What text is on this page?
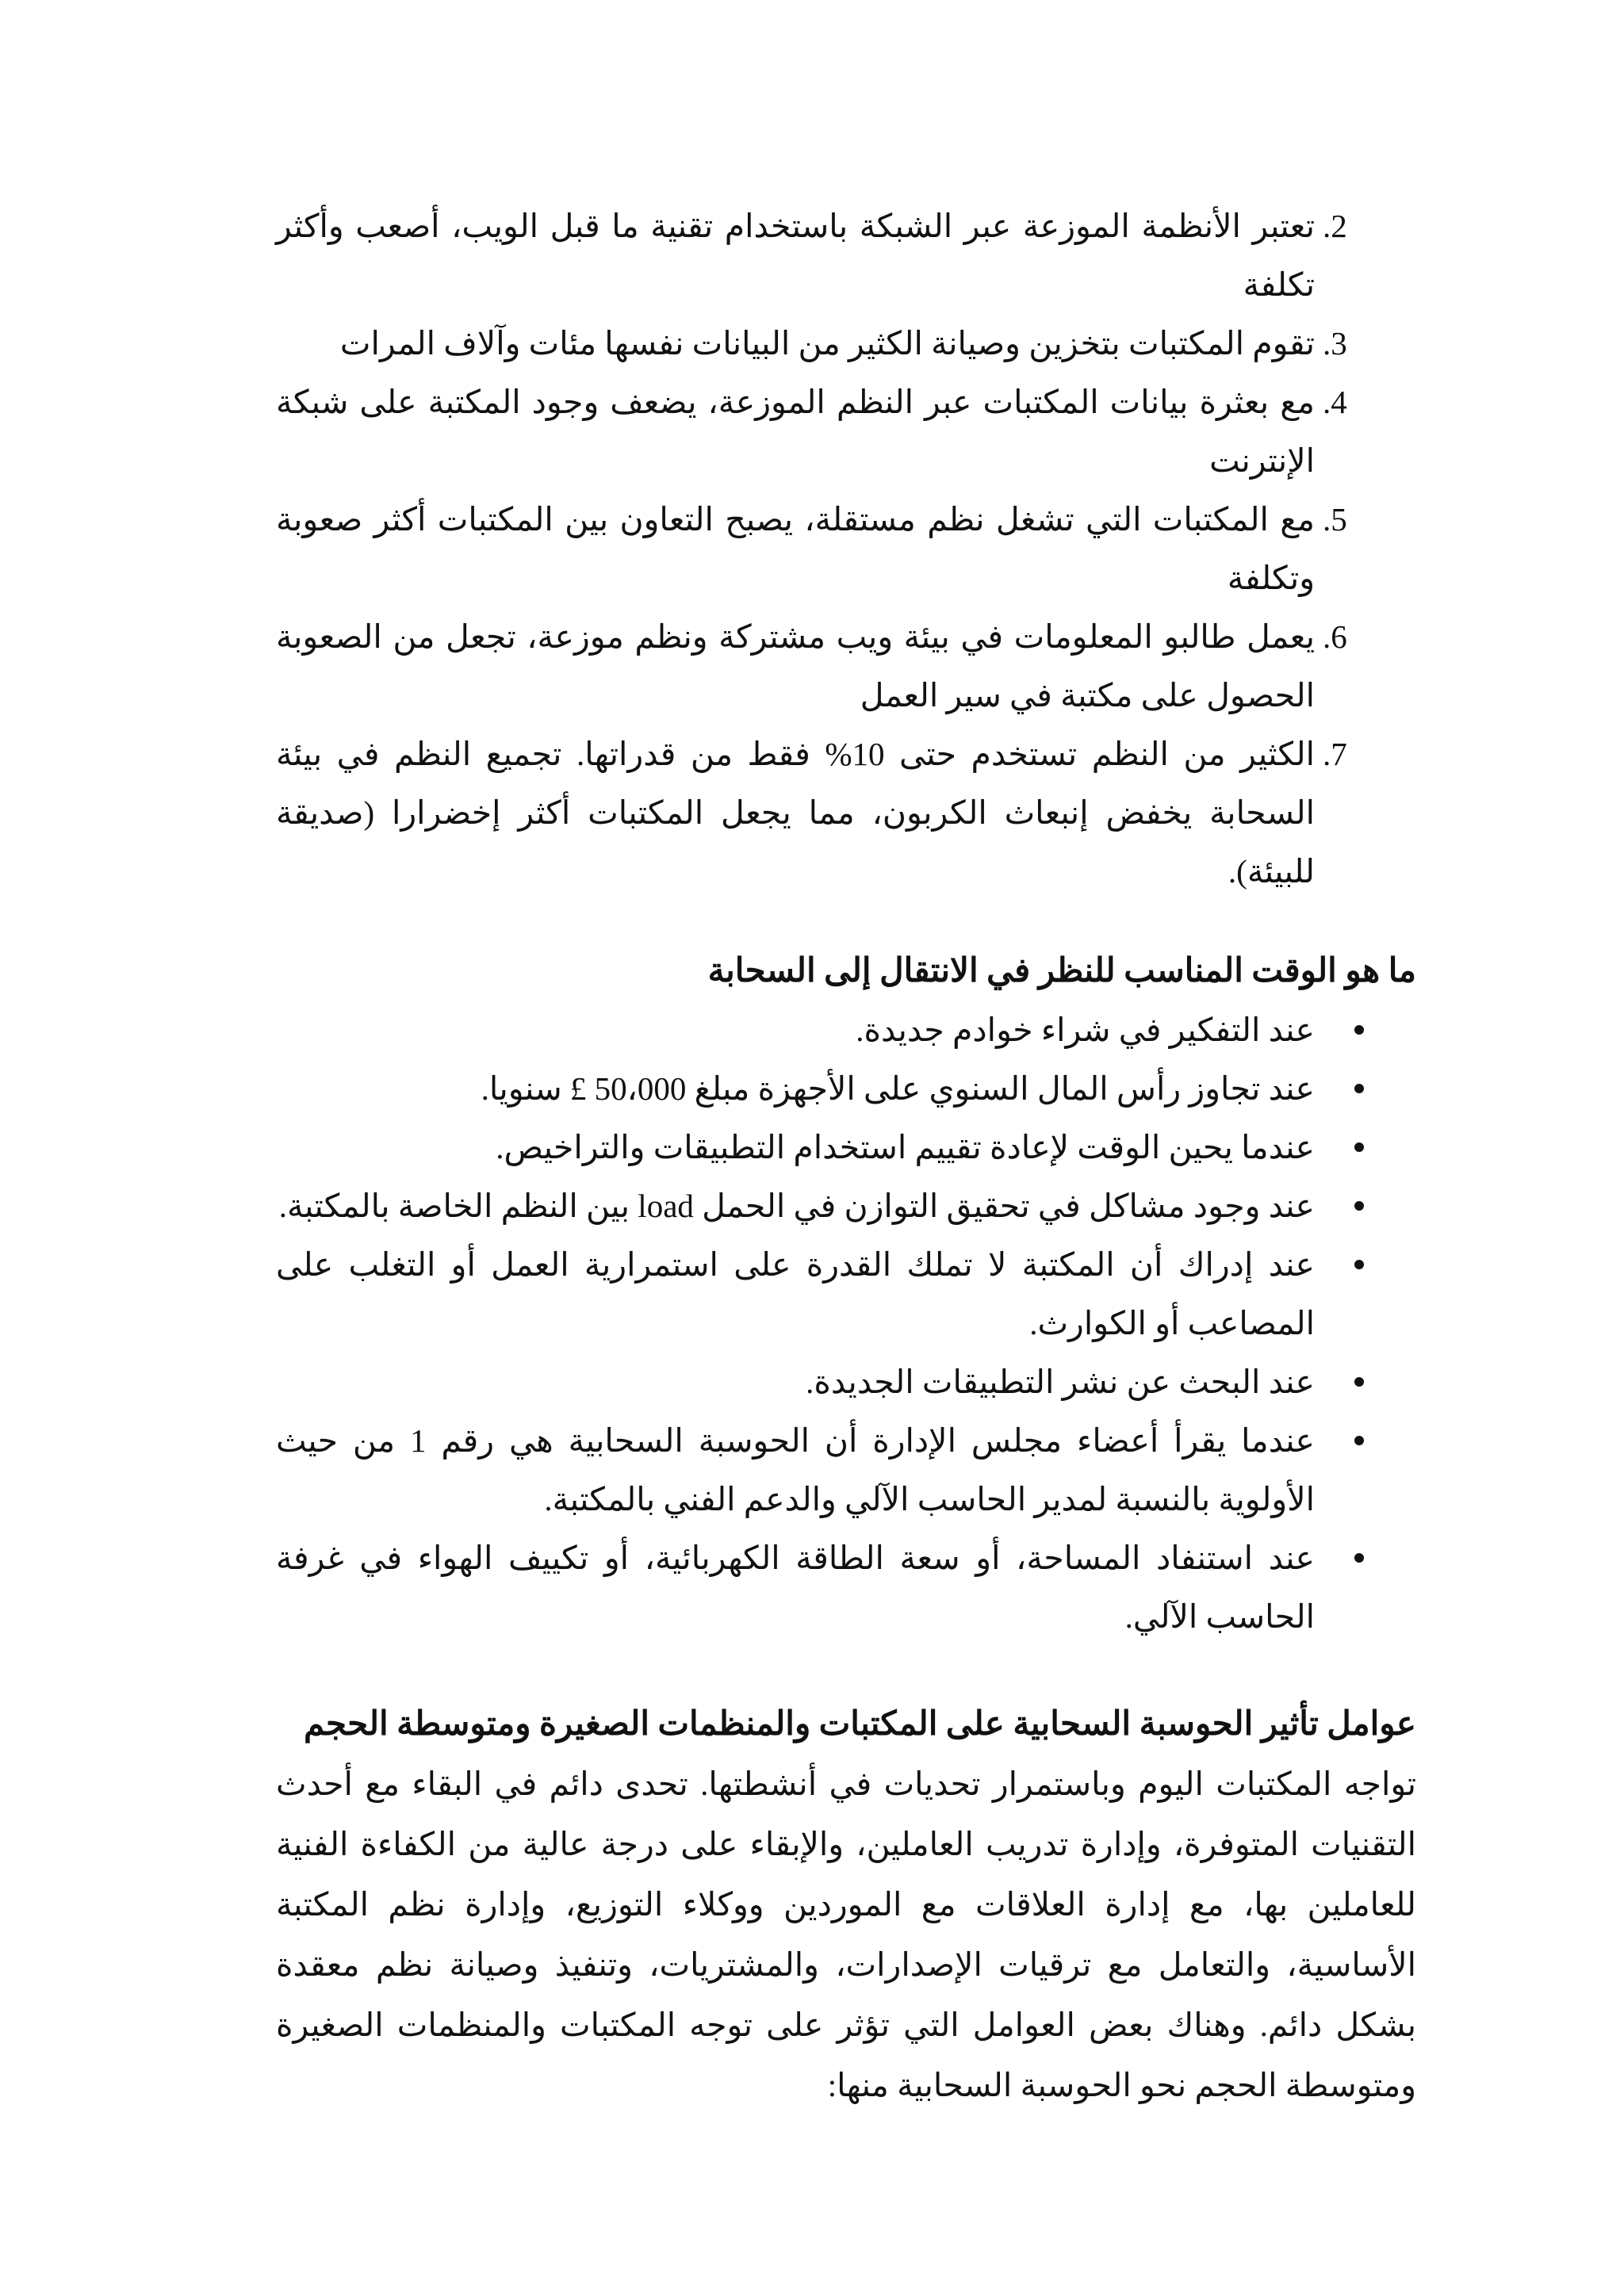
.2
تعتبر الأنظمة الموزعة عبر الشبكة باستخدام تقنية ما قبل الويب، أصعب وأكثر تكلفة
.3
تقوم المكتبات بتخزين وصيانة الكثير من البيانات نفسها مئات وآلاف المرات
.4
مع بعثرة بيانات المكتبات عبر النظم الموزعة، يضعف وجود المكتبة على شبكة الإنترنت
.5
مع المكتبات التي تشغل نظم مستقلة، يصبح التعاون بين المكتبات أكثر صعوبة وتكلفة
.6
يعمل طالبو المعلومات في بيئة ويب مشتركة ونظم موزعة، تجعل من الصعوبة الحصول على مكتبة في سير العمل
.7
الكثير من النظم تستخدم حتى 10% فقط من قدراتها. تجميع النظم في بيئة السحابة يخفض إنبعاث الكربون، مما يجعل المكتبات أكثر إخضرارا (صديقة للبيئة).
ما هو الوقت المناسب للنظر في الانتقال إلى السحابة
عند التفكير في شراء خوادم جديدة.
عند تجاوز رأس المال السنوي على الأجهزة مبلغ 50،000 £ سنويا.
عندما يحين الوقت لإعادة تقييم استخدام التطبيقات والتراخيص.
عند وجود مشاكل في تحقيق التوازن في الحمل load بين النظم الخاصة بالمكتبة.
عند إدراك أن المكتبة لا تملك القدرة على استمرارية العمل أو التغلب على المصاعب أو الكوارث.
عند البحث عن نشر التطبيقات الجديدة.
عندما يقرأ أعضاء مجلس الإدارة أن الحوسبة السحابية هي رقم 1 من حيث الأولوية بالنسبة لمدير الحاسب الآلي والدعم الفني بالمكتبة.
عند استنفاد المساحة، أو سعة الطاقة الكهربائية، أو تكييف الهواء في غرفة الحاسب الآلي.
عوامل تأثير الحوسبة السحابية على المكتبات والمنظمات الصغيرة ومتوسطة الحجم

تواجه المكتبات اليوم وباستمرار تحديات في أنشطتها. تحدى دائم في البقاء مع أحدث التقنيات المتوفرة، وإدارة تدريب العاملين، والإبقاء على درجة عالية من الكفاءة الفنية للعاملين بها، مع إدارة العلاقات مع الموردين ووكلاء التوزيع، وإدارة نظم المكتبة الأساسية، والتعامل مع ترقيات الإصدارات، والمشتريات، وتنفيذ وصيانة نظم معقدة بشكل دائم. وهناك بعض العوامل التي تؤثر على توجه المكتبات والمنظمات الصغيرة ومتوسطة الحجم نحو الحوسبة السحابية منها:
